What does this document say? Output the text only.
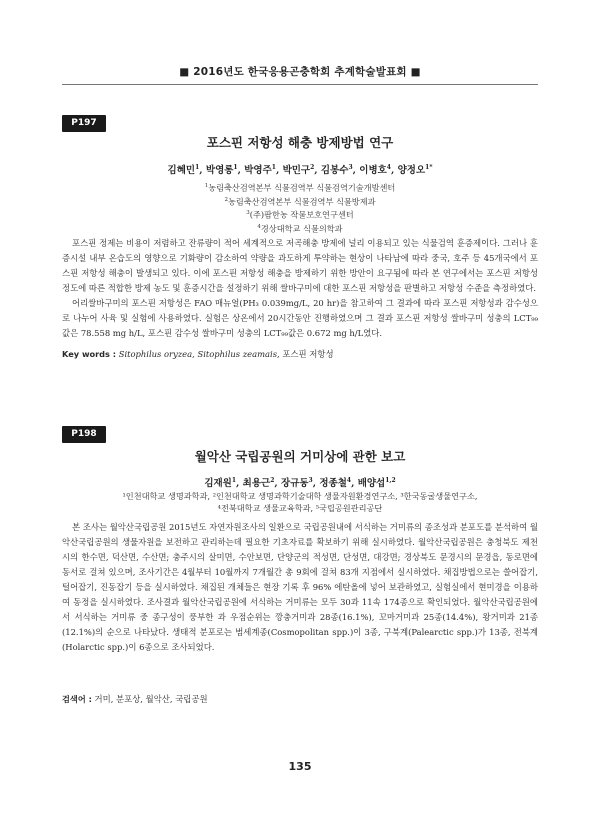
■ 2016년도 한국응용곤충학회 추계학술발표회 ■
P197
포스핀 저항성 해충 방제방법 연구
김혜민$^1$, 박영롱$^1$, 박영주$^1$, 박민구$^2$, 김봉수$^3$, 이병호$^4$, 양정오$^{1*}$
$^1$농림축산검역본부 식물검역부 식물검역기술개발센터
$^2$농림축산검역본부 식물검역부 식물방제과
$^3$(주)팜한농 작물보호연구센터
$^4$경상대학교 식물의학과

포스핀 정제는 비용이 저렴하고 잔류량이 적어 세계적으로 저곡해충 방제에 널리 이용되고 있는 식물검역 훈증제이다. 그러나 훈증시설 내부 온습도의 영향으로 기화량이 감소하여 약량을 과도하게 투약하는 현상이 나타남에 따라 중국, 호주 등 45개국에서 포스핀 저항성 해충이 발생되고 있다. 이에 포스핀 저항성 해충을 방제하기 위한 방안이 요구됨에 따라 본 연구에서는 포스핀 저항성 정도에 따른 적합한 방제 농도 및 훈증시간을 설정하기 위해 쌀바구미에 대한 포스핀 저항성을 판별하고 저항성 수준을 측정하였다.

어리쌀바구미의 포스핀 저항성은 FAO 매뉴얼(PH₃ 0.039mg/L, 20 hr)을 참고하여 그 결과에 따라 포스핀 저항성과 감수성으로 나누어 사육 및 실험에 사용하였다. 실험은 상온에서 20시간동안 진행하였으며 그 결과 포스핀 저항성 쌀바구미 성충의 LCT₉₉값은 78.558 mg h/L, 포스핀 감수성 쌀바구미 성충의 LCT₉₉값은 0.672 mg h/L였다.

Key words : Sitophilus oryzea, Sitophilus zeamais, 포스핀 저항성
P198
월악산 국립공원의 거미상에 관한 보고
김재원$^1$, 최용근$^2$, 장규동$^3$, 정종철$^4$, 배양섭$^{1,2}$
¹인천대학교 생명과학과, ²인천대학교 생명과학기술대학 생물자원환경연구소, ³한국동굴생물연구소,
⁴전북대학교 생물교육학과, ⁵국립공원관리공단

본 조사는 월악산국립공원 2015년도 자연자원조사의 일환으로 국립공원내에 서식하는 거미류의 종조성과 분포도를 분석하여 월악산국립공원의 생물자원을 보전하고 관리하는데 필요한 기초자료를 확보하기 위해 실시하였다. 월악산국립공원은 충청북도 제천시의 한수면, 덕산면, 수산면; 충주시의 살미면, 수안보면, 단양군의 적성면, 단성면, 대강면; 경상북도 문경시의 문경읍, 동로면에 동서로 걸쳐 있으며, 조사기간은 4월부터 10월까지 7개월간 총 9회에 걸쳐 83개 지점에서 실시하였다. 채집방법으로는 쓸어잡기, 털어잡기, 진동잡기 등을 실시하였다. 채집된 개체들은 현장 기록 후 96% 에탄올에 넣어 보관하였고, 실험실에서 현미경을 이용하여 동정을 실시하였다. 조사결과 월악산국립공원에 서식하는 거미류는 모두 30과 11속 174종으로 확인되었다. 월악산국립공원에서 서식하는 거미류 중 종구성이 풍부한 과 우점순위는 깡충거미과 28종(16.1%), 꼬마거미과 25종(14.4%), 왕거미과 21종(12.1%)의 순으로 나타났다. 생태적 분포로는 범세계종(Cosmopolitan spp.)이 3종, 구북계(Palearctic spp.)가 13종, 전북계(Holarctic spp.)이 6종으로 조사되었다.

검색어 : 거미, 분포상, 월악산, 국립공원
135
